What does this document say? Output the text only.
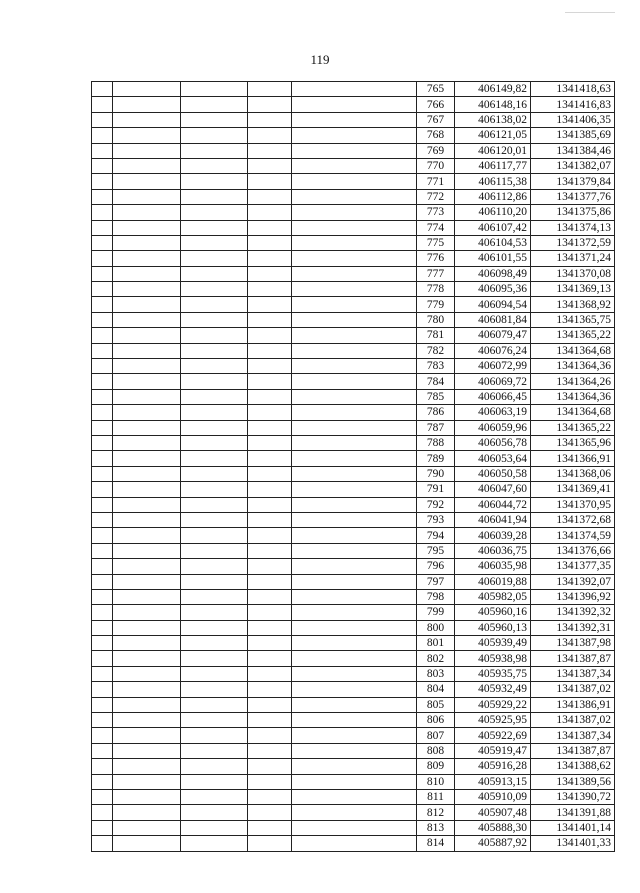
119
					765	406149,82	1341418,63
					766	406148,16	1341416,83
					767	406138,02	1341406,35
					768	406121,05	1341385,69
					769	406120,01	1341384,46
					770	406117,77	1341382,07
					771	406115,38	1341379,84
					772	406112,86	1341377,76
					773	406110,20	1341375,86
					774	406107,42	1341374,13
					775	406104,53	1341372,59
					776	406101,55	1341371,24
					777	406098,49	1341370,08
					778	406095,36	1341369,13
					779	406094,54	1341368,92
					780	406081,84	1341365,75
					781	406079,47	1341365,22
					782	406076,24	1341364,68
					783	406072,99	1341364,36
					784	406069,72	1341364,26
					785	406066,45	1341364,36
					786	406063,19	1341364,68
					787	406059,96	1341365,22
					788	406056,78	1341365,96
					789	406053,64	1341366,91
					790	406050,58	1341368,06
					791	406047,60	1341369,41
					792	406044,72	1341370,95
					793	406041,94	1341372,68
					794	406039,28	1341374,59
					795	406036,75	1341376,66
					796	406035,98	1341377,35
					797	406019,88	1341392,07
					798	405982,05	1341396,92
					799	405960,16	1341392,32
					800	405960,13	1341392,31
					801	405939,49	1341387,98
					802	405938,98	1341387,87
					803	405935,75	1341387,34
					804	405932,49	1341387,02
					805	405929,22	1341386,91
					806	405925,95	1341387,02
					807	405922,69	1341387,34
					808	405919,47	1341387,87
					809	405916,28	1341388,62
					810	405913,15	1341389,56
					811	405910,09	1341390,72
					812	405907,48	1341391,88
					813	405888,30	1341401,14
					814	405887,92	1341401,33
